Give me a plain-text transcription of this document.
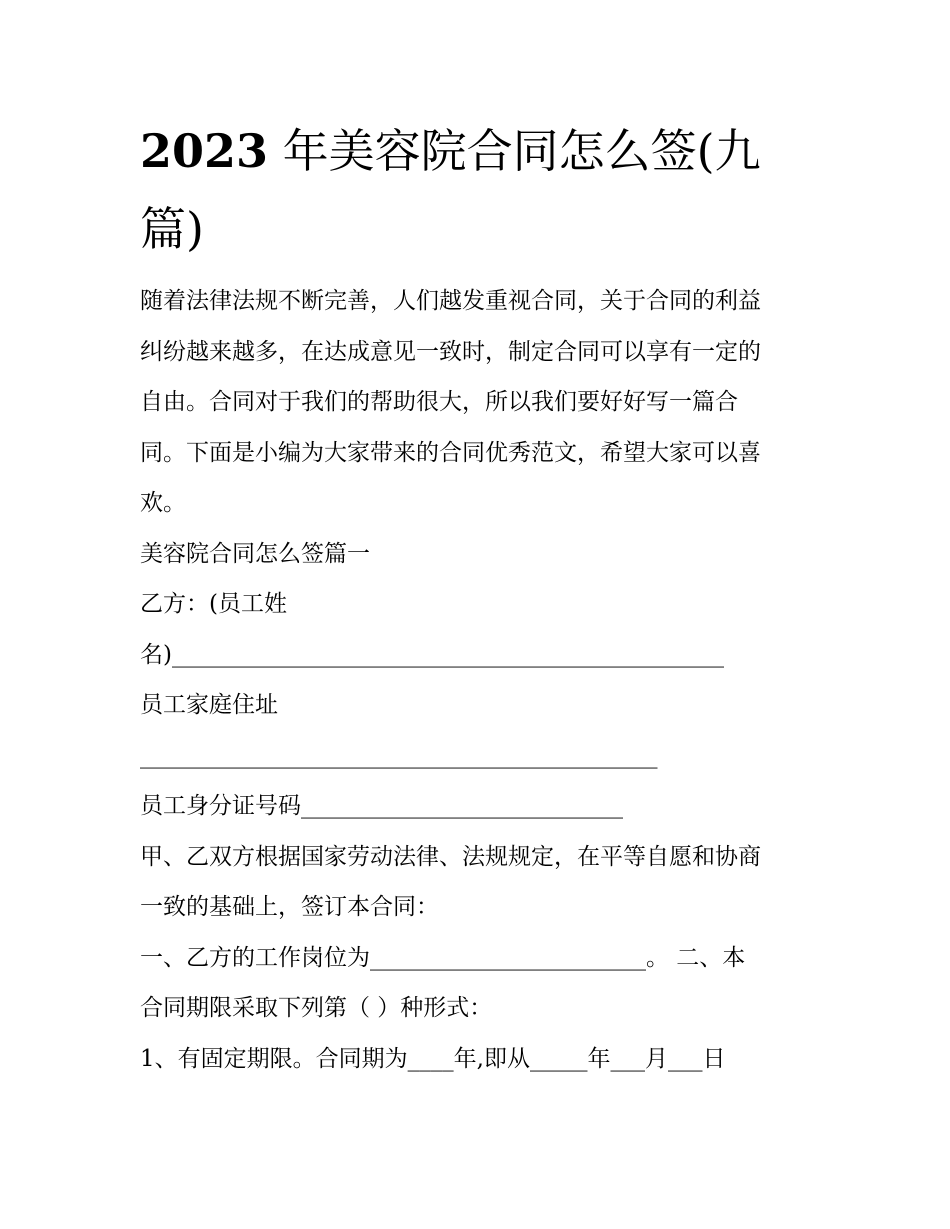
2023 年美容院合同怎么签(九
篇)
随着法律法规不断完善，人们越发重视合同，关于合同的利益
纠纷越来越多，在达成意见一致时，制定合同可以享有一定的
自由。合同对于我们的帮助很大，所以我们要好好写一篇合
同。下面是小编为大家带来的合同优秀范文，希望大家可以喜
欢。
美容院合同怎么签篇一
乙方：(员工姓
名)________________________________________________
员工家庭住址
_____________________________________________
员工身分证号码____________________________
甲、乙双方根据国家劳动法律、法规规定，在平等自愿和协商
一致的基础上，签订本合同：
一、乙方的工作岗位为________________________。 二、本
合同期限采取下列第（ ）种形式：
1、有固定期限。合同期为____年,即从_____年___月___日
